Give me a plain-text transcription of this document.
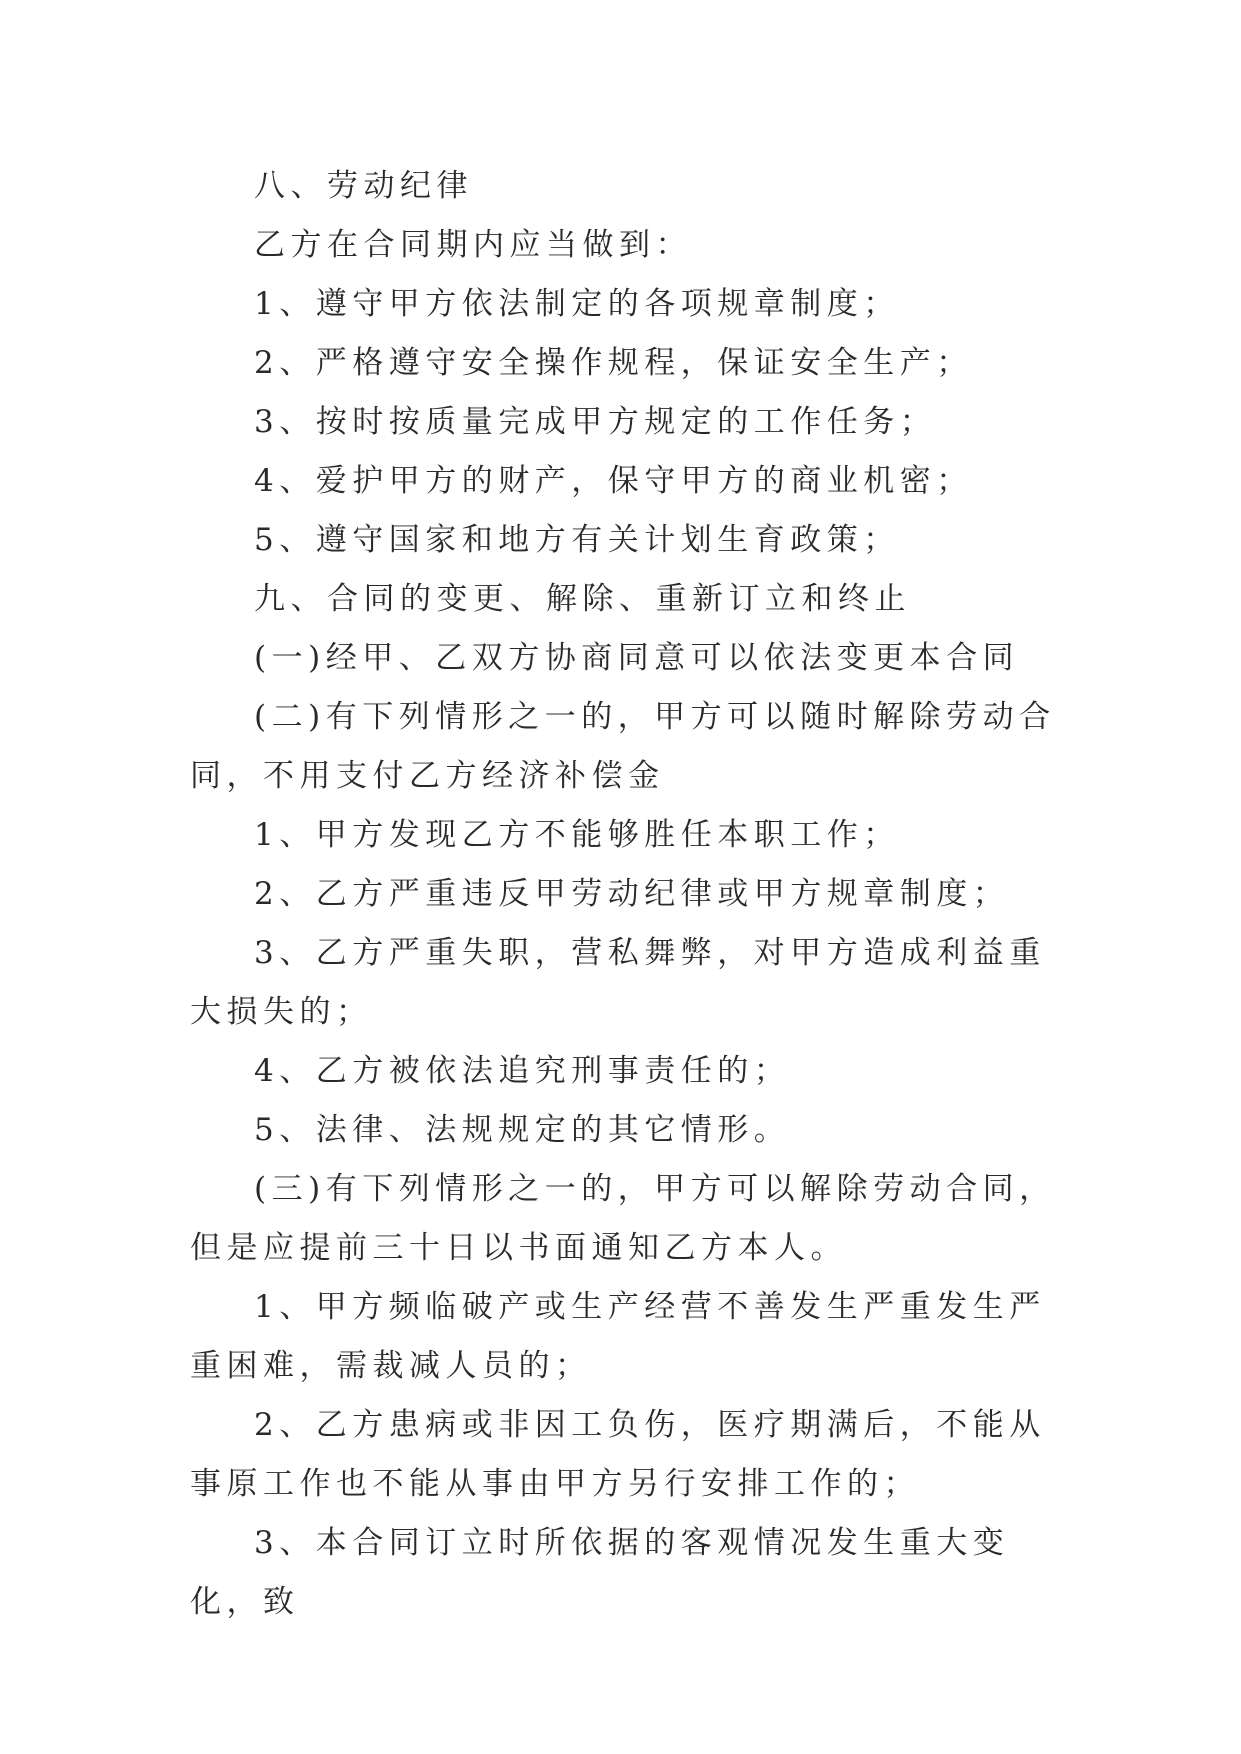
八、劳动纪律

乙方在合同期内应当做到：

1、遵守甲方依法制定的各项规章制度；

2、严格遵守安全操作规程，保证安全生产；

3、按时按质量完成甲方规定的工作任务；

4、爱护甲方的财产，保守甲方的商业机密；

5、遵守国家和地方有关计划生育政策；

九、合同的变更、解除、重新订立和终止

(一)经甲、乙双方协商同意可以依法变更本合同

(二)有下列情形之一的，甲方可以随时解除劳动合同，不用支付乙方经济补偿金

1、甲方发现乙方不能够胜任本职工作；

2、乙方严重违反甲劳动纪律或甲方规章制度；

3、乙方严重失职，营私舞弊，对甲方造成利益重大损失的；

4、乙方被依法追究刑事责任的；

5、法律、法规规定的其它情形。

(三)有下列情形之一的，甲方可以解除劳动合同，但是应提前三十日以书面通知乙方本人。

1、甲方频临破产或生产经营不善发生严重发生严重困难，需裁减人员的；

2、乙方患病或非因工负伤，医疗期满后，不能从事原工作也不能从事由甲方另行安排工作的；

3、本合同订立时所依据的客观情况发生重大变化，致
